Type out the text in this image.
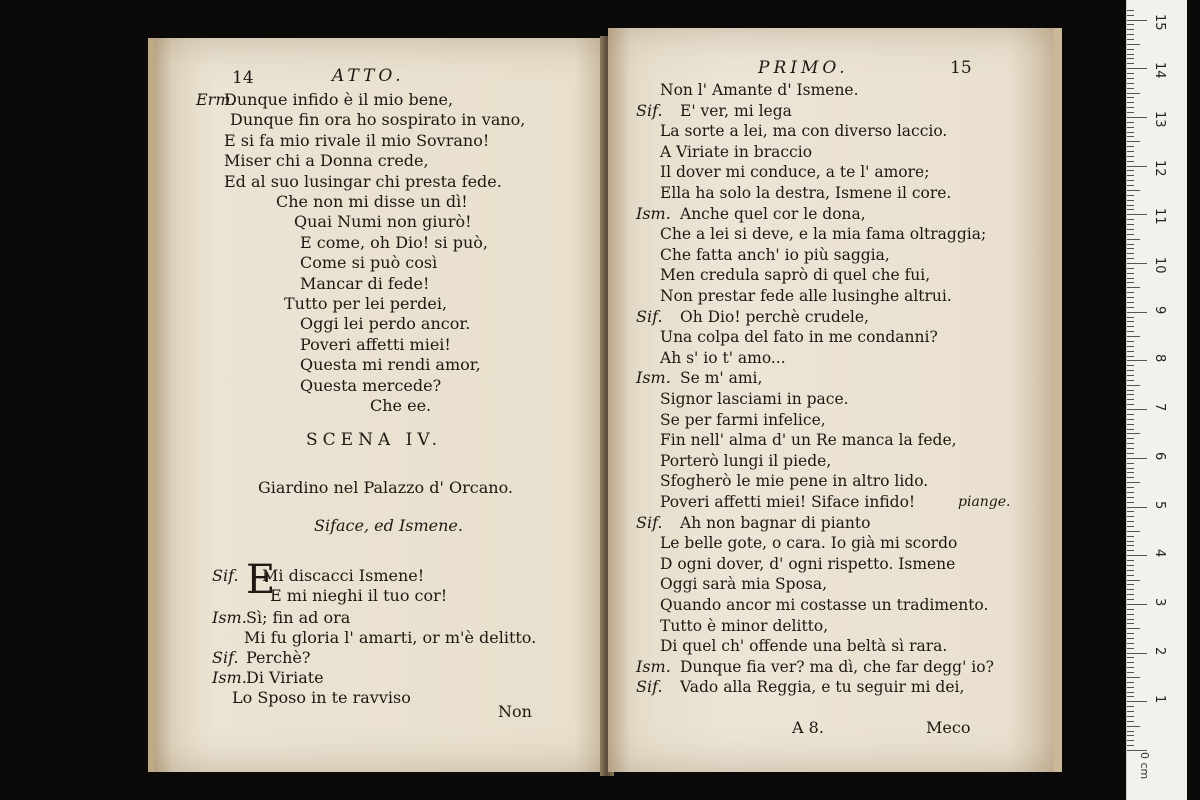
14	ATTO.
Erm.
Dunque infido è il mio bene,
Dunque fin ora ho sospirato in vano,
E si fa mio rivale il mio Sovrano!
Miser chi a Donna crede,
Ed al suo lusingar chi presta fede.
Che non mi disse un dì!
Quai Numi non giurò!
E come, oh Dio! si può,
Come si può così
Mancar di fede!
Tutto per lei perdei,
Oggi lei perdo ancor.
Poveri affetti miei!
Questa mi rendi amor,
Questa mercede?
Che ee.
SCENA IV.
Giardino nel Palazzo d' Orcano.
Siface, ed Ismene.
Sif. E
Mi discacci Ismene!
E mi nieghi il tuo cor!
Ism. Sì; fin ad ora
Mi fu gloria l' amarti, or m'è delitto.
Sif. Perchè?
Ism. Di Viriate
Lo Sposo in te ravviso
Non
PRIMO.	15
Non l' Amante d' Ismene.
Sif. E' ver, mi lega
La sorte a lei, ma con diverso laccio.
A Viriate in braccio
Il dover mi conduce, a te l' amore;
Ella ha solo la destra, Ismene il core.
Ism. Anche quel cor le dona,
Che a lei si deve, e la mia fama oltraggia;
Che fatta anch' io più saggia,
Men credula saprò di quel che fui,
Non prestar fede alle lusinghe altrui.
Sif. Oh Dio! perchè crudele,
Una colpa del fato in me condanni?
Ah s' io t' amo...
Ism. Se m' ami,
Signor lasciami in pace.
Se per farmi infelice,
Fin nell' alma d' un Re manca la fede,
Porterò lungi il piede,
Sfogherò le mie pene in altro lido.
Poveri affetti miei! Siface infido!
Sif. Ah non bagnar di pianto
Le belle gote, o cara. Io già mi scordo
D ogni dover, d' ogni rispetto. Ismene
Oggi sarà mia Sposa,
Quando ancor mi costasse un tradimento.
Tutto è minor delitto,
Di quel ch' offende una beltà sì rara.
Ism. Dunque fia ver? ma dì, che far degg' io?
Sif. Vado alla Reggia, e tu seguir mi dei,
piange.
A 8.	Meco
0 cm
1
2
3
4
5
6
7
8
9
10
11
12
13
14
15
